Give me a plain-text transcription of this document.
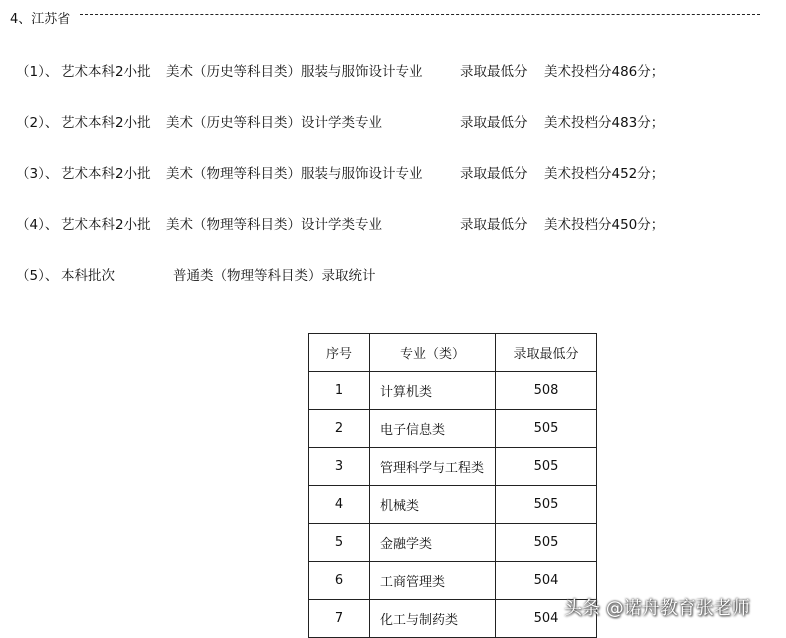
4、江苏省
（1）、 艺术本科2小批 美术（历史等科目类）服装与服饰设计专业	录取最低分 美术投档分486分；
（2）、 艺术本科2小批 美术（历史等科目类）设计学类专业	录取最低分 美术投档分483分；
（3）、 艺术本科2小批 美术（物理等科目类）服装与服饰设计专业	录取最低分 美术投档分452分；
（4）、 艺术本科2小批 美术（物理等科目类）设计学类专业	录取最低分 美术投档分450分；
（5）、 本科批次	普通类（物理等科目类）录取统计
序号	专业（类）	录取最低分
1	计算机类	508
2	电子信息类	505
3	管理科学与工程类	505
4	机械类	505
5	金融学类	505
6	工商管理类	504
7	化工与制药类	504 头条 @诺舟教育张老师
